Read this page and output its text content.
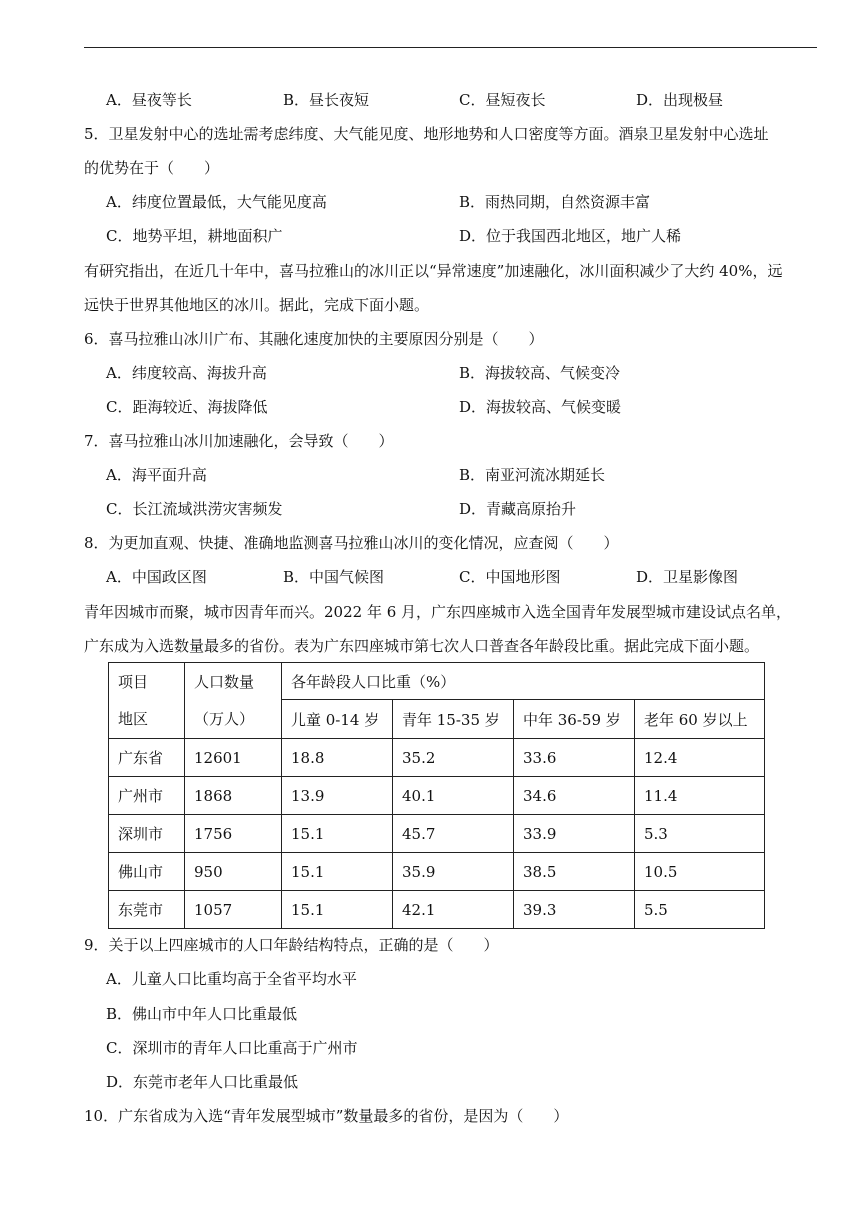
A．昼夜等长	B．昼长夜短	C．昼短夜长	D．出现极昼
5．卫星发射中心的选址需考虑纬度、大气能见度、地形地势和人口密度等方面。酒泉卫星发射中心选址
的优势在于（　　）
A．纬度位置最低，大气能见度高	B．雨热同期，自然资源丰富
C．地势平坦，耕地面积广	D．位于我国西北地区，地广人稀
有研究指出，在近几十年中，喜马拉雅山的冰川正以“异常速度”加速融化，冰川面积减少了大约 40%，远
远快于世界其他地区的冰川。据此，完成下面小题。
6．喜马拉雅山冰川广布、其融化速度加快的主要原因分别是（　　）
A．纬度较高、海拔升高	B．海拔较高、气候变冷
C．距海较近、海拔降低	D．海拔较高、气候变暖
7．喜马拉雅山冰川加速融化，会导致（　　）
A．海平面升高	B．南亚河流冰期延长
C．长江流域洪涝灾害频发	D．青藏高原抬升
8．为更加直观、快捷、准确地监测喜马拉雅山冰川的变化情况，应查阅（　　）
A．中国政区图	B．中国气候图	C．中国地形图	D．卫星影像图
青年因城市而聚，城市因青年而兴。2022 年 6 月，广东四座城市入选全国青年发展型城市建设试点名单，
广东成为入选数量最多的省份。表为广东四座城市第七次人口普查各年龄段比重。据此完成下面小题。
项目	人口数量	各年龄段人口比重（%）			
地区	（万人）	儿童 0-14 岁	青年 15-35 岁	中年 36-59 岁	老年 60 岁以上
广东省	12601	18.8	35.2	33.6	12.4
广州市	1868	13.9	40.1	34.6	11.4
深圳市	1756	15.1	45.7	33.9	5.3
佛山市	950	15.1	35.9	38.5	10.5
东莞市	1057	15.1	42.1	39.3	5.5
9．关于以上四座城市的人口年龄结构特点，正确的是（　　）
A．儿童人口比重均高于全省平均水平
B．佛山市中年人口比重最低
C．深圳市的青年人口比重高于广州市
D．东莞市老年人口比重最低
10．广东省成为入选“青年发展型城市”数量最多的省份，是因为（　　）
